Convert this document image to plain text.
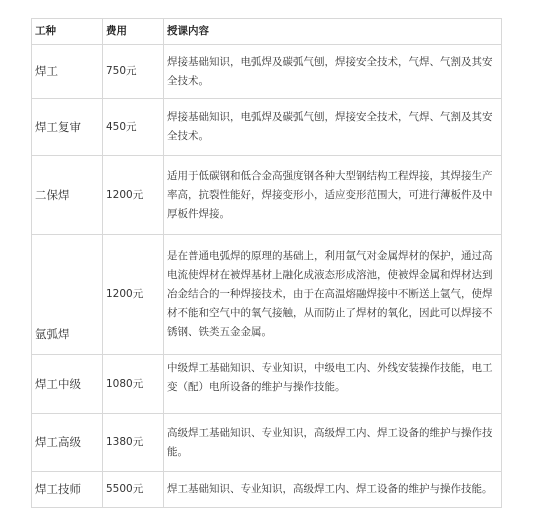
工种	费用	授课内容
焊工	750元	焊接基础知识，电弧焊及碳弧气刨，焊接安全技术，气焊、气割及其安全技术。
焊工复审	450元	焊接基础知识，电弧焊及碳弧气刨，焊接安全技术，气焊、气割及其安全技术。
二保焊	1200元	适用于低碳钢和低合金高强度钢各种大型钢结构工程焊接，其焊接生产率高，抗裂性能好，焊接变形小，适应变形范围大，可进行薄板件及中厚板件焊接。
氩弧焊	1200元	是在普通电弧焊的原理的基础上，利用氩气对金属焊材的保护，通过高电流使焊材在被焊基材上融化成液态形成溶池，使被焊金属和焊材达到冶金结合的一种焊接技术，由于在高温熔融焊接中不断送上氩气，使焊材不能和空气中的氧气接触，从而防止了焊材的氧化，因此可以焊接不锈钢、铁类五金金属。
焊工中级	1080元	中级焊工基础知识、专业知识，中级电工内、外线安装操作技能，电工变（配）电所设备的维护与操作技能。
焊工高级	1380元	高级焊工基础知识、专业知识，高级焊工内、焊工设备的维护与操作技能。
焊工技师	5500元	焊工基础知识、专业知识，高级焊工内、焊工设备的维护与操作技能。
